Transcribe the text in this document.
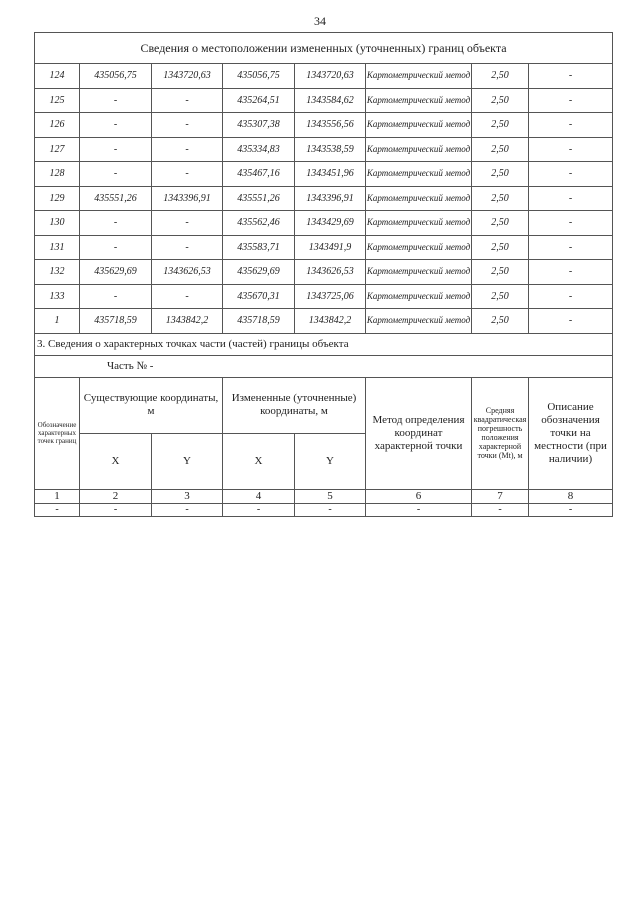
34
Сведения о местоположении измененных (уточненных) границ объекта							
124	435056,75	1343720,63	435056,75	1343720,63	Картометрический метод	2,50	-
125	-	-	435264,51	1343584,62	Картометрический метод	2,50	-
126	-	-	435307,38	1343556,56	Картометрический метод	2,50	-
127	-	-	435334,83	1343538,59	Картометрический метод	2,50	-
128	-	-	435467,16	1343451,96	Картометрический метод	2,50	-
129	435551,26	1343396,91	435551,26	1343396,91	Картометрический метод	2,50	-
130	-	-	435562,46	1343429,69	Картометрический метод	2,50	-
131	-	-	435583,71	1343491,9	Картометрический метод	2,50	-
132	435629,69	1343626,53	435629,69	1343626,53	Картометрический метод	2,50	-
133	-	-	435670,31	1343725,06	Картометрический метод	2,50	-
1	435718,59	1343842,2	435718,59	1343842,2	Картометрический метод	2,50	-
3. Сведения о характерных точках части (частей) границы объекта							
Часть № -							
Обозначение характерных точек границ	Существующие координаты, м		Измененные (уточненные) координаты, м		Метод определения координат характерной точки	Средняя квадратическая погрешность положения характерной точки (Mt), м	Описание обозначения точки на местности (при наличии)
	X	Y	X	Y			
1	2	3	4	5	6	7	8
-	-	-	-	-	-	-	-
